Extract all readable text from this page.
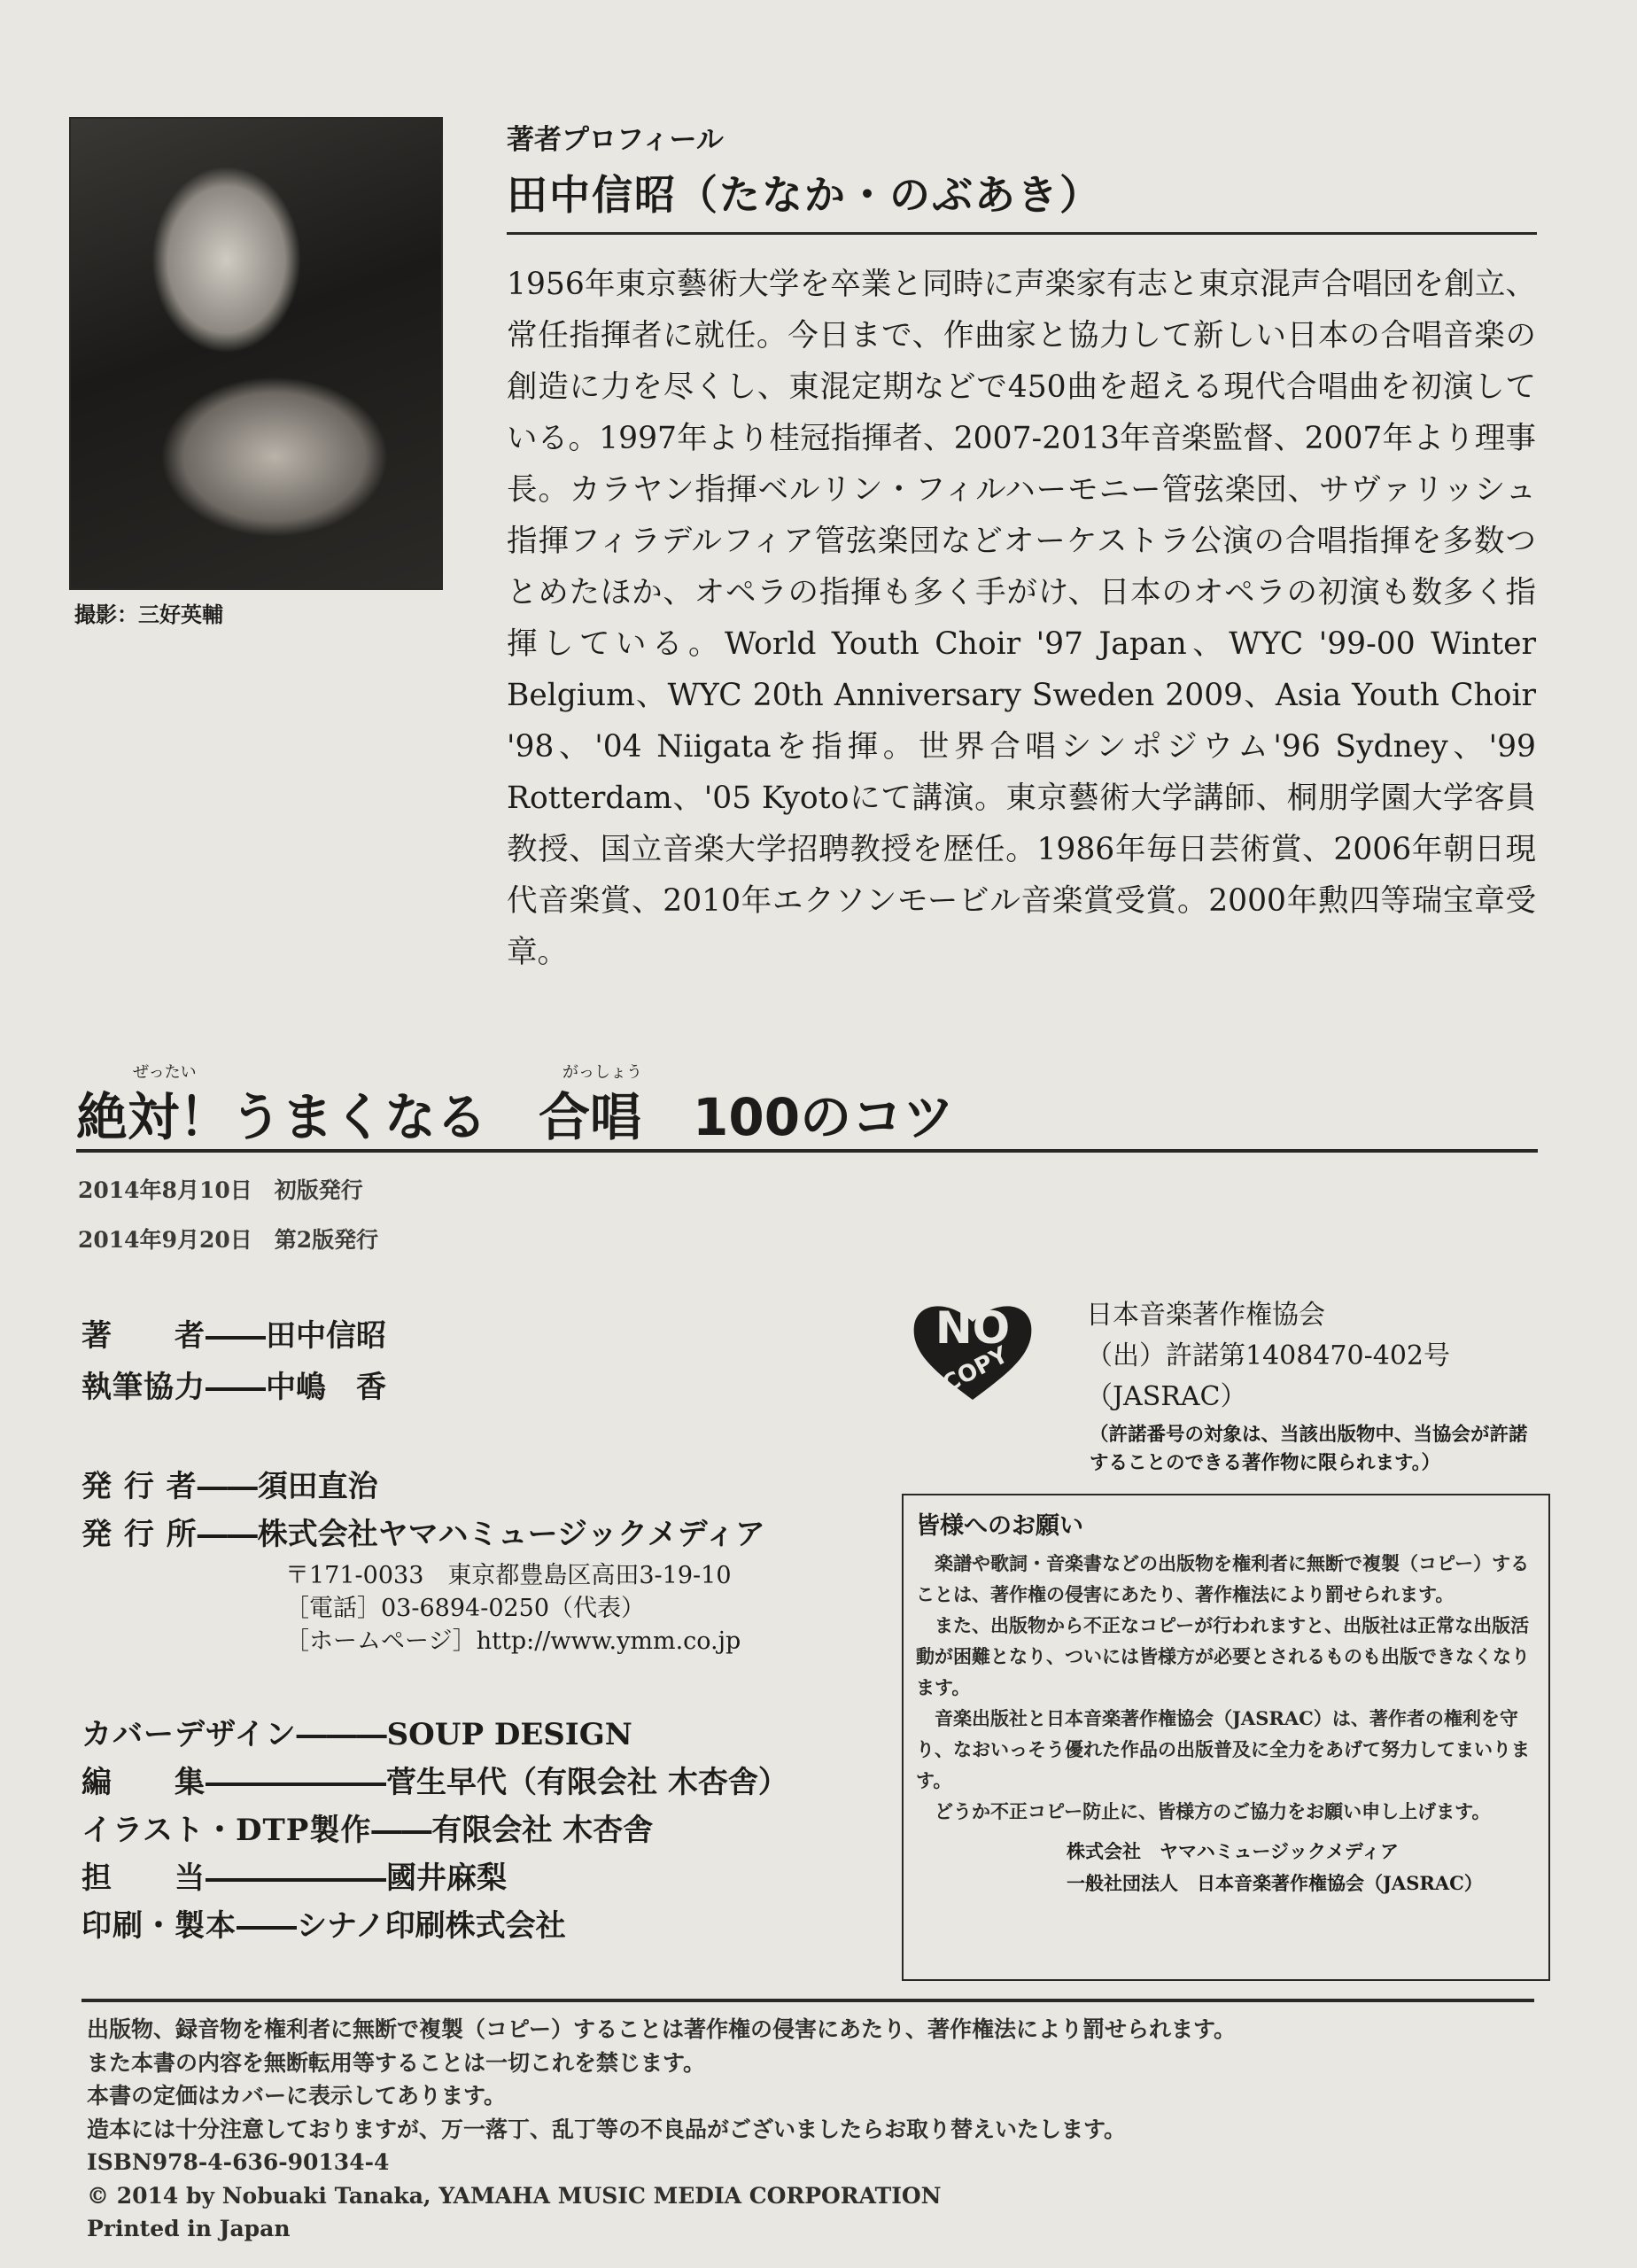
撮影：三好英輔
著者プロフィール
田中信昭（たなか・のぶあき）
1956年東京藝術大学を卒業と同時に声楽家有志と東京混声合唱団を創立、常任指揮者に就任。今日まで、作曲家と協力して新しい日本の合唱音楽の創造に力を尽くし、東混定期などで450曲を超える現代合唱曲を初演している。1997年より桂冠指揮者、2007-2013年音楽監督、2007年より理事長。カラヤン指揮ベルリン・フィルハーモニー管弦楽団、サヴァリッシュ指揮フィラデルフィア管弦楽団などオーケストラ公演の合唱指揮を多数つとめたほか、オペラの指揮も多く手がけ、日本のオペラの初演も数多く指揮している。World Youth Choir '97 Japan、WYC '99-00 Winter Belgium、WYC 20th Anniversary Sweden 2009、Asia Youth Choir '98、'04 Niigataを指揮。世界合唱シンポジウム'96 Sydney、'99 Rotterdam、'05 Kyotoにて講演。東京藝術大学講師、桐朋学園大学客員教授、国立音楽大学招聘教授を歴任。1986年毎日芸術賞、2006年朝日現代音楽賞、2010年エクソンモービル音楽賞受賞。2000年勲四等瑞宝章受章。
ぜったい	がっしょう
絶対！うまくなる　合唱　100のコツ
2014年8月10日　初版発行
2014年9月20日　第2版発行
著　　者――田中信昭
執筆協力――中嶋　香
発 行 者――須田直治
発 行 所――株式会社ヤマハミュージックメディア
〒171-0033　東京都豊島区高田3-19-10
［電話］03-6894-0250（代表）
［ホームページ］http://www.ymm.co.jp
カバーデザイン―――SOUP DESIGN
編　　集――――――菅生早代（有限会社 木杏舎）
イラスト・DTP製作――有限会社 木杏舎
担　　当――――――國井麻梨
印刷・製本――シナノ印刷株式会社
NO
COPY
日本音楽著作権協会
（出）許諾第1408470-402号
（JASRAC）
（許諾番号の対象は、当該出版物中、当協会が許諾することのできる著作物に限られます。）
皆様へのお願い

楽譜や歌詞・音楽書などの出版物を権利者に無断で複製（コピー）することは、著作権の侵害にあたり、著作権法により罰せられます。

また、出版物から不正なコピーが行われますと、出版社は正常な出版活動が困難となり、ついには皆様方が必要とされるものも出版できなくなります。

音楽出版社と日本音楽著作権協会（JASRAC）は、著作者の権利を守り、なおいっそう優れた作品の出版普及に全力をあげて努力してまいります。

どうか不正コピー防止に、皆様方のご協力をお願い申し上げます。

株式会社　ヤマハミュージックメディア
一般社団法人　日本音楽著作権協会（JASRAC）
出版物、録音物を権利者に無断で複製（コピー）することは著作権の侵害にあたり、著作権法により罰せられます。
また本書の内容を無断転用等することは一切これを禁じます。
本書の定価はカバーに表示してあります。
造本には十分注意しておりますが、万一落丁、乱丁等の不良品がございましたらお取り替えいたします。
ISBN978-4-636-90134-4
© 2014 by Nobuaki Tanaka, YAMAHA MUSIC MEDIA CORPORATION
Printed in Japan
